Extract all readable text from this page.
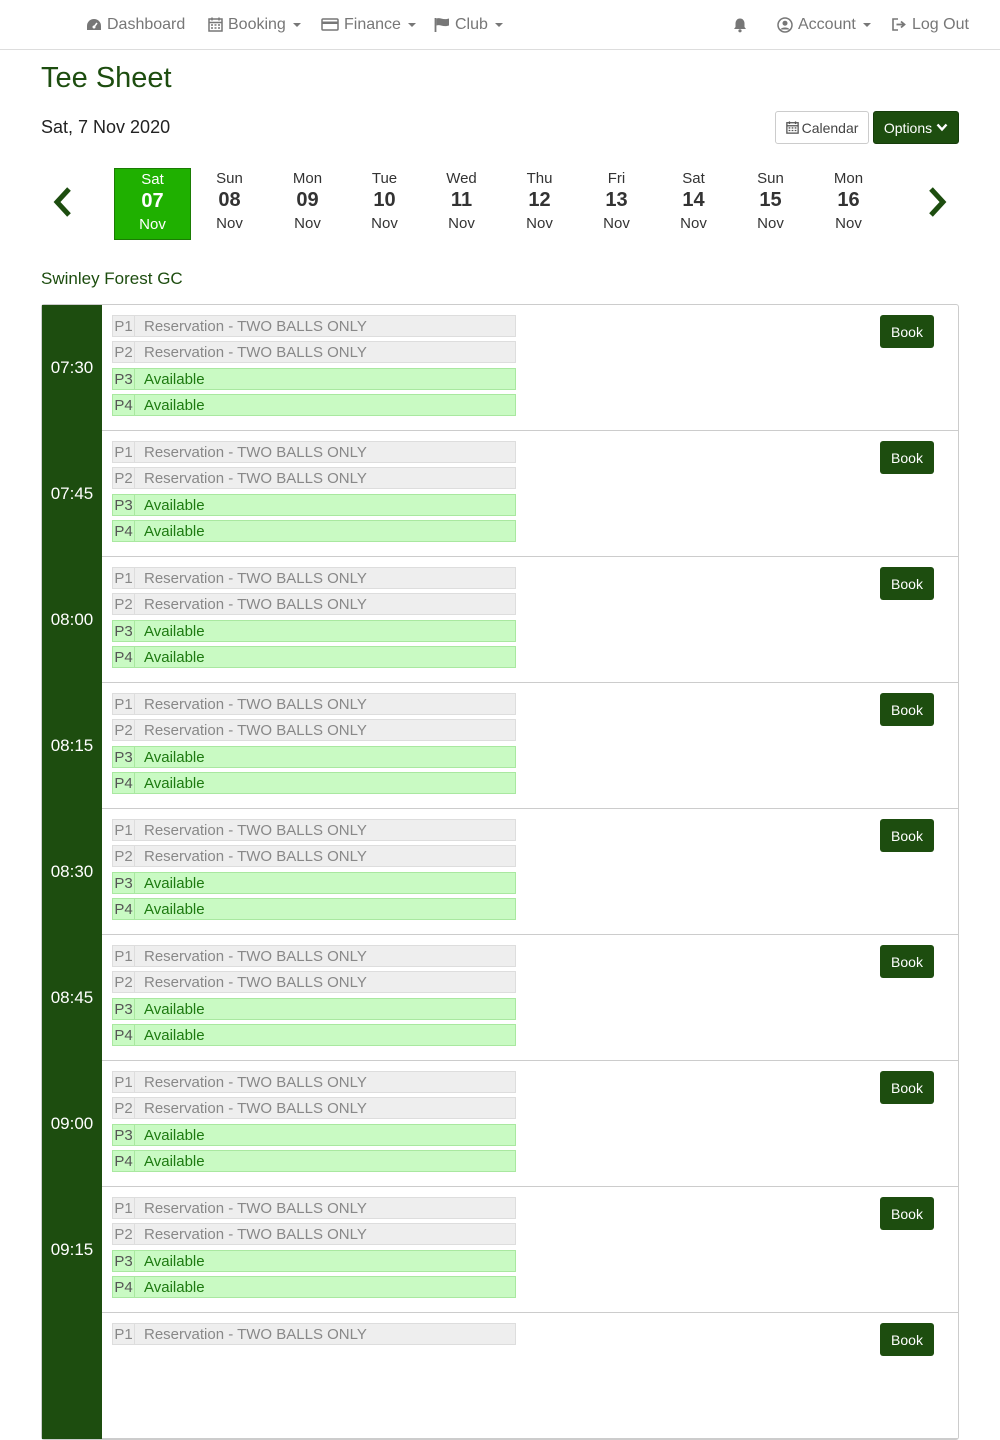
Dashboard	Booking	Finance	Club	Account	Log Out
Tee Sheet
Sat, 7 Nov 2020	Calendar Options
Sat
07
Nov
Sun
08
Nov
Mon
09
Nov
Tue
10
Nov
Wed
11
Nov
Thu
12
Nov
Fri
13
Nov
Sat
14
Nov
Sun
15
Nov
Mon
16
Nov
Swinley Forest GC
07:30
P1 Reservation - TWO BALLS ONLY
P2 Reservation - TWO BALLS ONLY
P3 Available
P4 Available
Book
07:45
P1 Reservation - TWO BALLS ONLY
P2 Reservation - TWO BALLS ONLY
P3 Available
P4 Available
Book
08:00
P1 Reservation - TWO BALLS ONLY
P2 Reservation - TWO BALLS ONLY
P3 Available
P4 Available
Book
08:15
P1 Reservation - TWO BALLS ONLY
P2 Reservation - TWO BALLS ONLY
P3 Available
P4 Available
Book
08:30
P1 Reservation - TWO BALLS ONLY
P2 Reservation - TWO BALLS ONLY
P3 Available
P4 Available
Book
08:45
P1 Reservation - TWO BALLS ONLY
P2 Reservation - TWO BALLS ONLY
P3 Available
P4 Available
Book
09:00
P1 Reservation - TWO BALLS ONLY
P2 Reservation - TWO BALLS ONLY
P3 Available
P4 Available
Book
09:15
P1 Reservation - TWO BALLS ONLY
P2 Reservation - TWO BALLS ONLY
P3 Available
P4 Available
Book
P1 Reservation - TWO BALLS ONLY	Book
